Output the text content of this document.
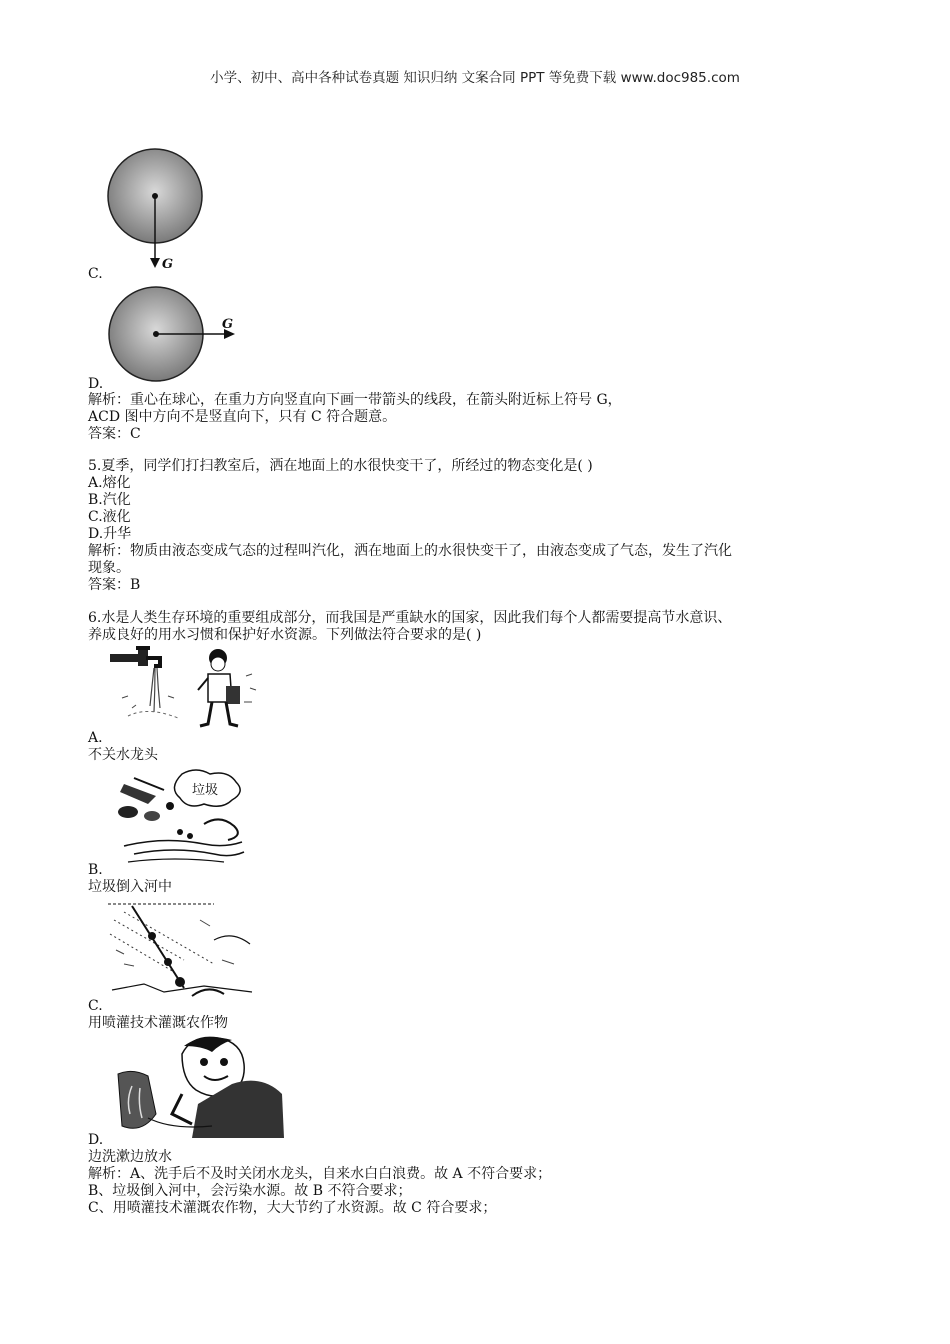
小学、初中、高中各种试卷真题 知识归纳 文案合同 PPT 等免费下载 www.doc985.com
G
C.
G
D.
解析：重心在球心，在重力方向竖直向下画一带箭头的线段，在箭头附近标上符号 G，
ACD 图中方向不是竖直向下，只有 C 符合题意。
答案：C
5.夏季，同学们打扫教室后，洒在地面上的水很快变干了，所经过的物态变化是( )
A.熔化
B.汽化
C.液化
D.升华
解析：物质由液态变成气态的过程叫汽化，洒在地面上的水很快变干了，由液态变成了气态，发生了汽化
现象。
答案：B
6.水是人类生存环境的重要组成部分，而我国是严重缺水的国家，因此我们每个人都需要提高节水意识、
养成良好的用水习惯和保护好水资源。下列做法符合要求的是( )
A.
不关水龙头
垃圾
B.
垃圾倒入河中
C.
用喷灌技术灌溉农作物
D.
边洗漱边放水
解析：A、洗手后不及时关闭水龙头，自来水白白浪费。故 A 不符合要求；
B、垃圾倒入河中，会污染水源。故 B 不符合要求；
C、用喷灌技术灌溉农作物，大大节约了水资源。故 C 符合要求；
